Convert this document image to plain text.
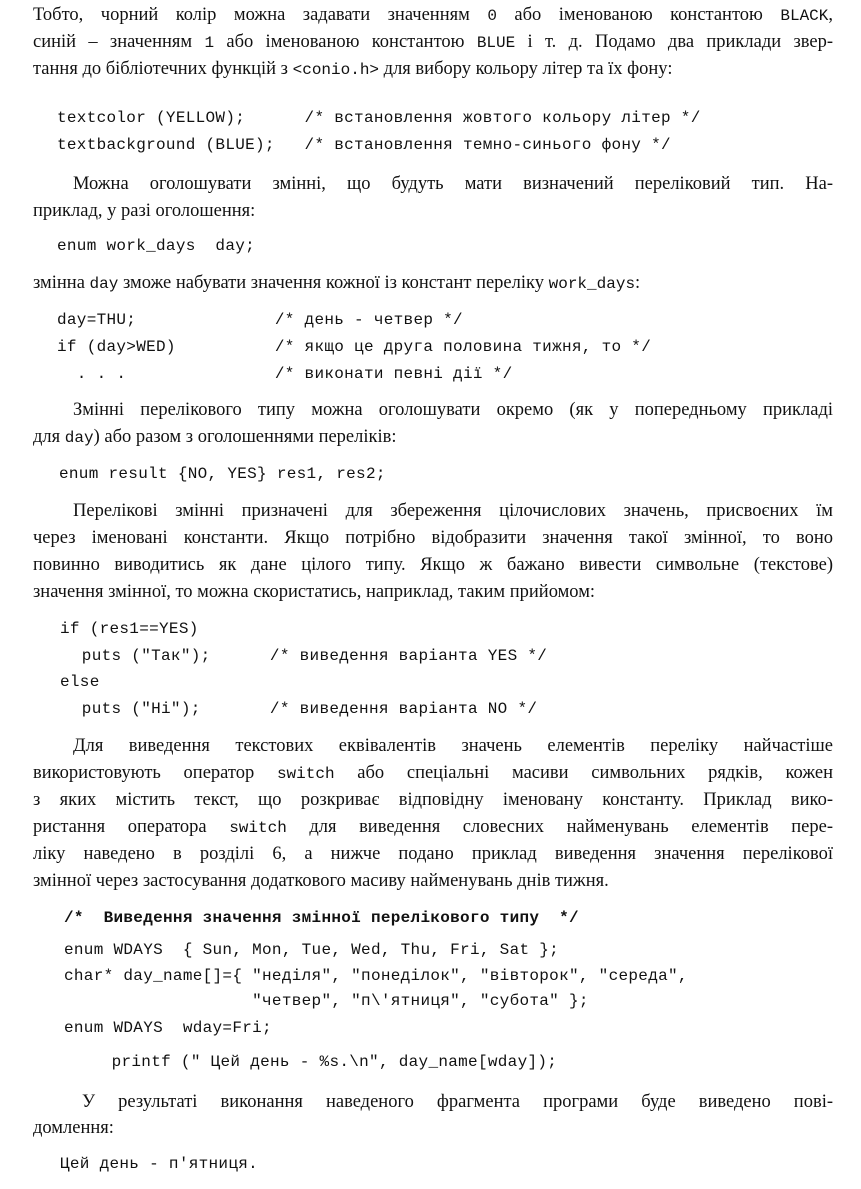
Тобто, чорний колір можна задавати значенням 0 або іменованою константою BLACK,
синій – значенням 1 або іменованою константою BLUE і т. д. Подамо два приклади звер-
тання до бібліотечних функцій з <conio.h> для вибору кольору літер та їх фону:
textcolor (YELLOW);      /* встановлення жовтого кольору літер */
textbackground (BLUE);   /* встановлення темно-синього фону */
Можна оголошувати змінні, що будуть мати визначений переліковий тип. На-
приклад, у разі оголошення:
enum work_days  day;
змінна day зможе набувати значення кожної із констант переліку work_days:
day=THU;              /* день - четвер */
if (day>WED)          /* якщо це друга половина тижня, то */
. . .               /* виконати певні дії */
Змінні перелікового типу можна оголошувати окремо (як у попередньому прикладі
для day) або разом з оголошеннями переліків:
enum result {NO, YES} res1, res2;
Перелікові змінні призначені для збереження цілочислових значень, присвоєних їм
через іменовані константи. Якщо потрібно відобразити значення такої змінної, то воно
повинно виводитись як дане цілого типу. Якщо ж бажано вивести символьне (текстове)
значення змінної, то можна скористатись, наприклад, таким прийомом:
if (res1==YES)
puts ("Так");      /* виведення варіанта YES */
else
puts ("Ні");       /* виведення варіанта NO */
Для виведення текстових еквівалентів значень елементів переліку найчастіше
використовують оператор switch або спеціальні масиви символьних рядків, кожен
з яких містить текст, що розкриває відповідну іменовану константу. Приклад вико-
ристання оператора switch для виведення словесних найменувань елементів пере-
ліку наведено в розділі 6, а нижче подано приклад виведення значення перелікової
змінної через застосування додаткового масиву найменувань днів тижня.
/*  Виведення значення змінної перелікового типу  */
enum WDAYS  { Sun, Mon, Tue, Wed, Thu, Fri, Sat };
char* day_name[]={ "неділя", "понеділок", "вівторок", "середа",
"четвер", "п\'ятниця", "субота" };
enum WDAYS  wday=Fri;
printf (" Цей день - %s.\n", day_name[wday]);
У результаті виконання наведеного фрагмента програми буде виведено пові-
домлення:
Цей день - п'ятниця.
